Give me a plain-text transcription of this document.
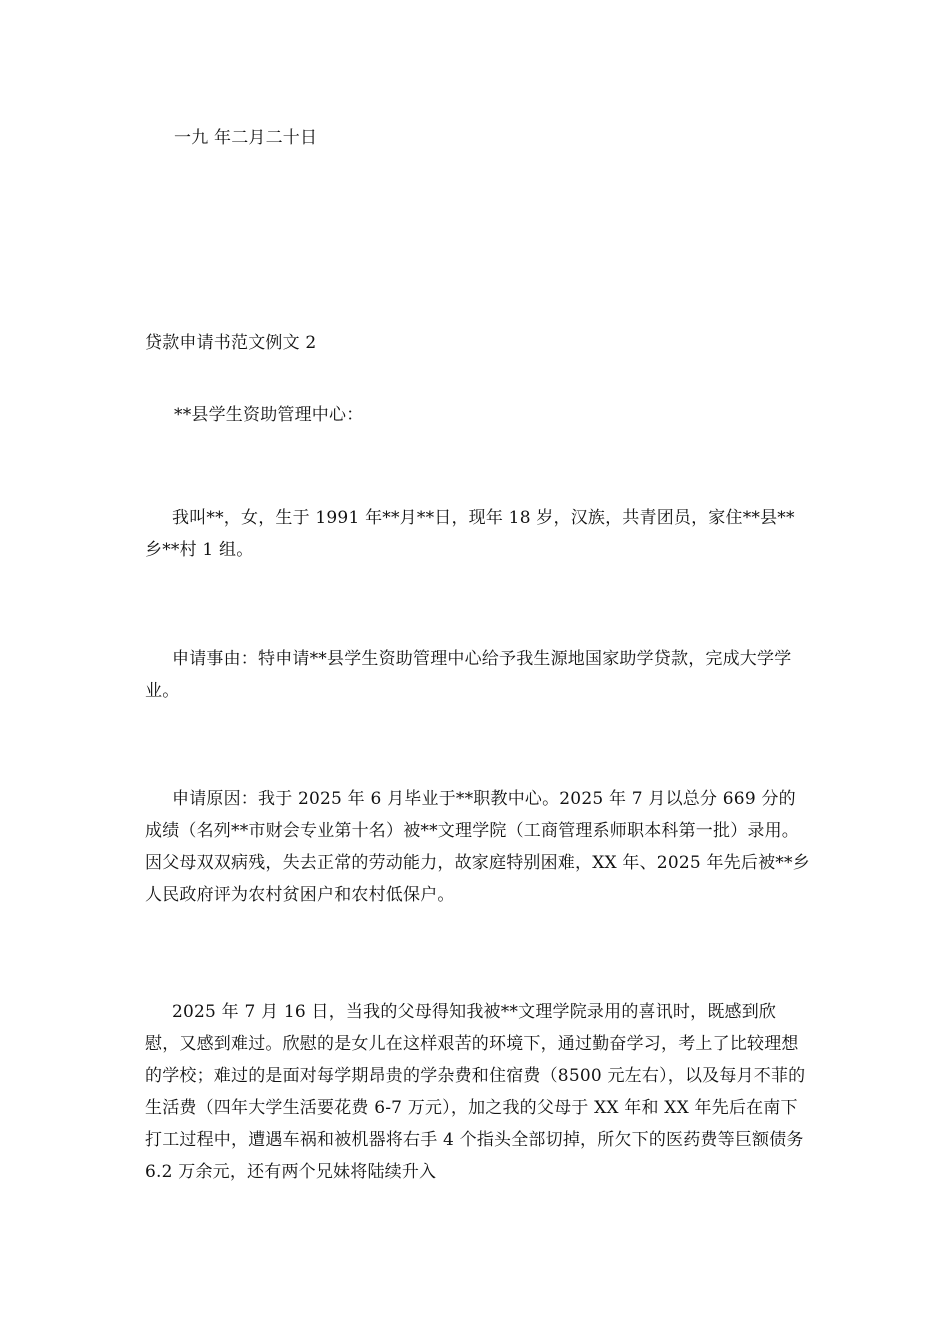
一九 年二月二十日
贷款申请书范文例文 2
**县学生资助管理中心：
我叫**，女，生于 1991 年**月**日，现年 18 岁，汉族，共青团员，家住**县**乡**村 1 组。
申请事由：特申请**县学生资助管理中心给予我生源地国家助学贷款，完成大学学业。
申请原因：我于 2025 年 6 月毕业于**职教中心。2025 年 7 月以总分 669 分的成绩（名列**市财会专业第十名）被**文理学院（工商管理系师职本科第一批）录用。因父母双双病残，失去正常的劳动能力，故家庭特别困难，XX 年、2025 年先后被**乡人民政府评为农村贫困户和农村低保户。
2025 年 7 月 16 日，当我的父母得知我被**文理学院录用的喜讯时，既感到欣慰，又感到难过。欣慰的是女儿在这样艰苦的环境下，通过勤奋学习，考上了比较理想的学校；难过的是面对每学期昂贵的学杂费和住宿费（8500 元左右），以及每月不菲的生活费（四年大学生活要花费 6-7 万元），加之我的父母于 XX 年和 XX 年先后在南下打工过程中，遭遇车祸和被机器将右手 4 个指头全部切掉，所欠下的医药费等巨额债务 6.2 万余元，还有两个兄妹将陆续升入
